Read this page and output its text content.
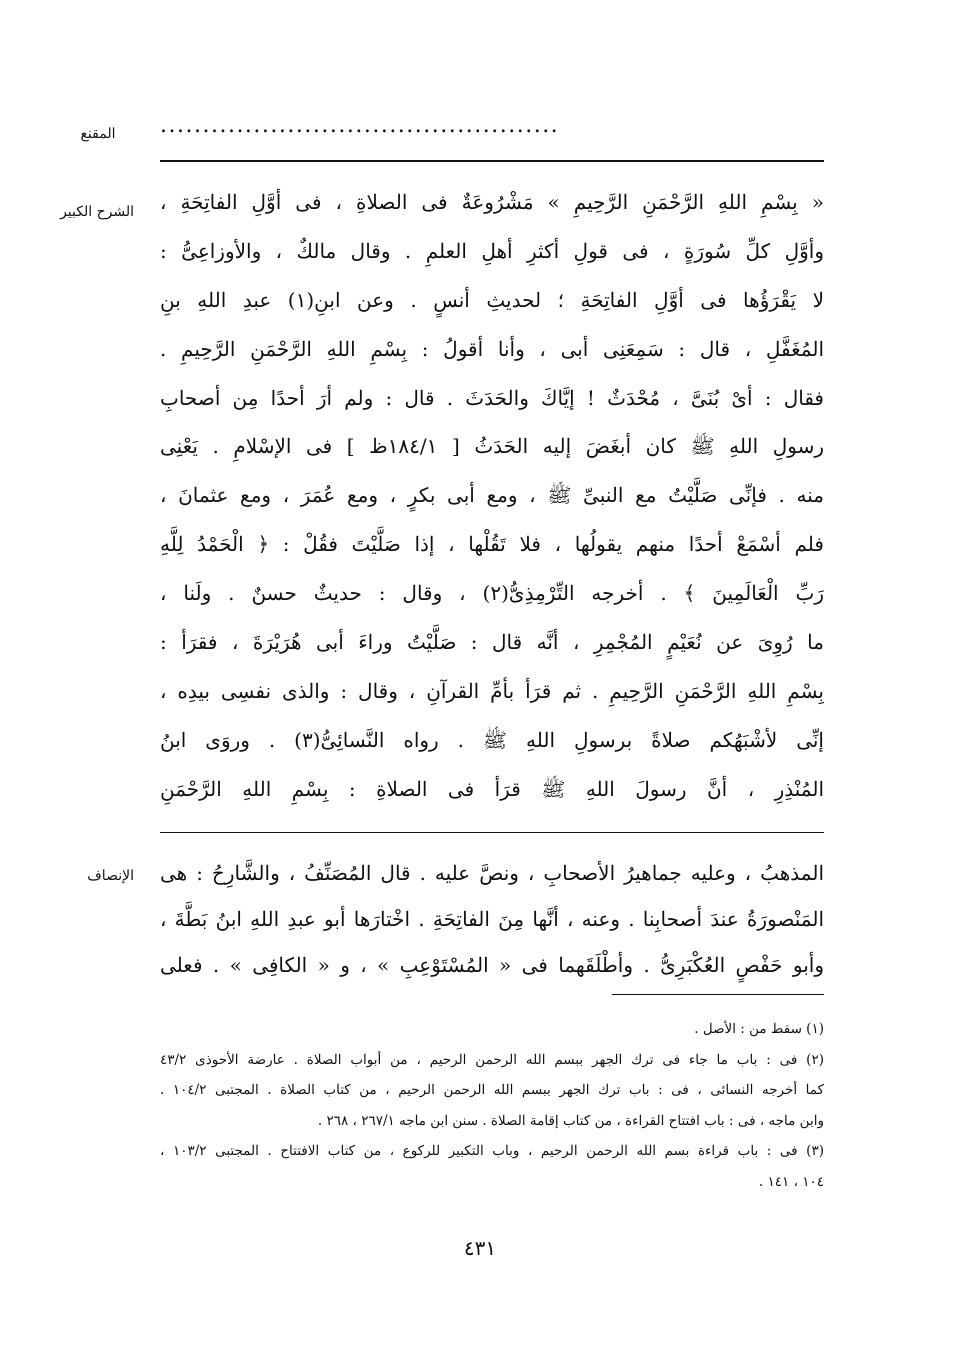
المقنع	...............................................
الشرح الكبير « بِسْمِ اللهِ الرَّحْمَنِ الرَّحِيمِ » مَشْرُوعَةٌ فى الصلاةِ ، فى أوَّلِ الفاتِحَةِ ،
وأوَّلِ كلِّ سُورَةٍ ، فى قولِ أكثرِ أهلِ العلمِ . وقال مالكٌ ، والأوزاعِىُّ :
لا يَقْرَؤُها فى أوَّلِ الفاتِحَةِ ؛ لحديثِ أنسٍ . وعن ابنِ(١) عبدِ اللهِ بنِ
المُغَفَّلِ ، قال : سَمِعَنِى أبى ، وأنا أقولُ : بِسْمِ اللهِ الرَّحْمَنِ الرَّحِيمِ .
فقال : أىْ بُنَىَّ ، مُحْدَثٌ ! إيَّاكَ والحَدَثَ . قال : ولم أرَ أحدًا مِن أصحابِ
رسولِ اللهِ ﷺ كان أبغَضَ إليه الحَدَثُ [ ١٨٤/١ظ ] فى الإسْلامِ . يَعْنِى
منه . فإنِّى صَلَّيْتُ مع النبىِّ ﷺ ، ومع أبى بكرٍ ، ومع عُمَرَ ، ومع عثمانَ ،
فلم أسْمَعْ أحدًا منهم يقولُها ، فلا تَقُلْها ، إذا صَلَّيْتَ فقُلْ : ﴿ الْحَمْدُ لِلَّهِ
رَبِّ الْعَالَمِينَ ﴾ . أخرجه التِّرْمِذِىُّ(٢) ، وقال : حديثٌ حسنٌ . ولَنا ،
ما رُوِىَ عن نُعَيْمٍ المُجْمِرِ ، أنَّه قال : صَلَّيْتُ وراءَ أبى هُرَيْرَةَ ، فقرَأ :
بِسْمِ اللهِ الرَّحْمَنِ الرَّحِيمِ . ثم قرَأ بأمِّ القرآنِ ، وقال : والذى نفسِى بيدِه ،
إنِّى لأشْبَهُكم صلاةً برسولِ اللهِ ﷺ . رواه النَّسائِىُّ(٣) . وروَى ابنُ
المُنْذِرِ ، أنَّ رسولَ اللهِ ﷺ قرَأ فى الصلاةِ : بِسْمِ اللهِ الرَّحْمَنِ
الإنصاف المذهبُ ، وعليه جماهيرُ الأصحابِ ، ونصَّ عليه . قال المُصَنِّفُ ، والشَّارِحُ : هى
المَنْصورَةُ عندَ أصحابِنا . وعنه ، أنَّها مِنَ الفاتِحَةِ . اخْتارَها أبو عبدِ اللهِ ابنُ بَطَّةَ ،
وأبو حَفْصٍ العُكْبَرِىُّ . وأطْلَقَهما فى « المُسْتَوْعِبِ » ، و « الكافِى » . فعلى
(١) سقط من : الأصل .
(٢) فى : باب ما جاء فى ترك الجهر ببسم الله الرحمن الرحيم ، من أبواب الصلاة . عارضة الأحوذى ٤٣/٢
كما أخرجه النسائى ، فى : باب ترك الجهر ببسم الله الرحمن الرحيم ، من كتاب الصلاة . المجتبى ١٠٤/٢ .
وابن ماجه ، فى : باب افتتاح القراءة ، من كتاب إقامة الصلاة . سنن ابن ماجه ٢٦٧/١ ، ٢٦٨ .
(٣) فى : باب قراءة بسم الله الرحمن الرحيم ، وباب التكبير للركوع ، من كتاب الافتتاح . المجتبى ١٠٣/٢ ،
١٠٤ ، ١٤١ .
٤٣١
